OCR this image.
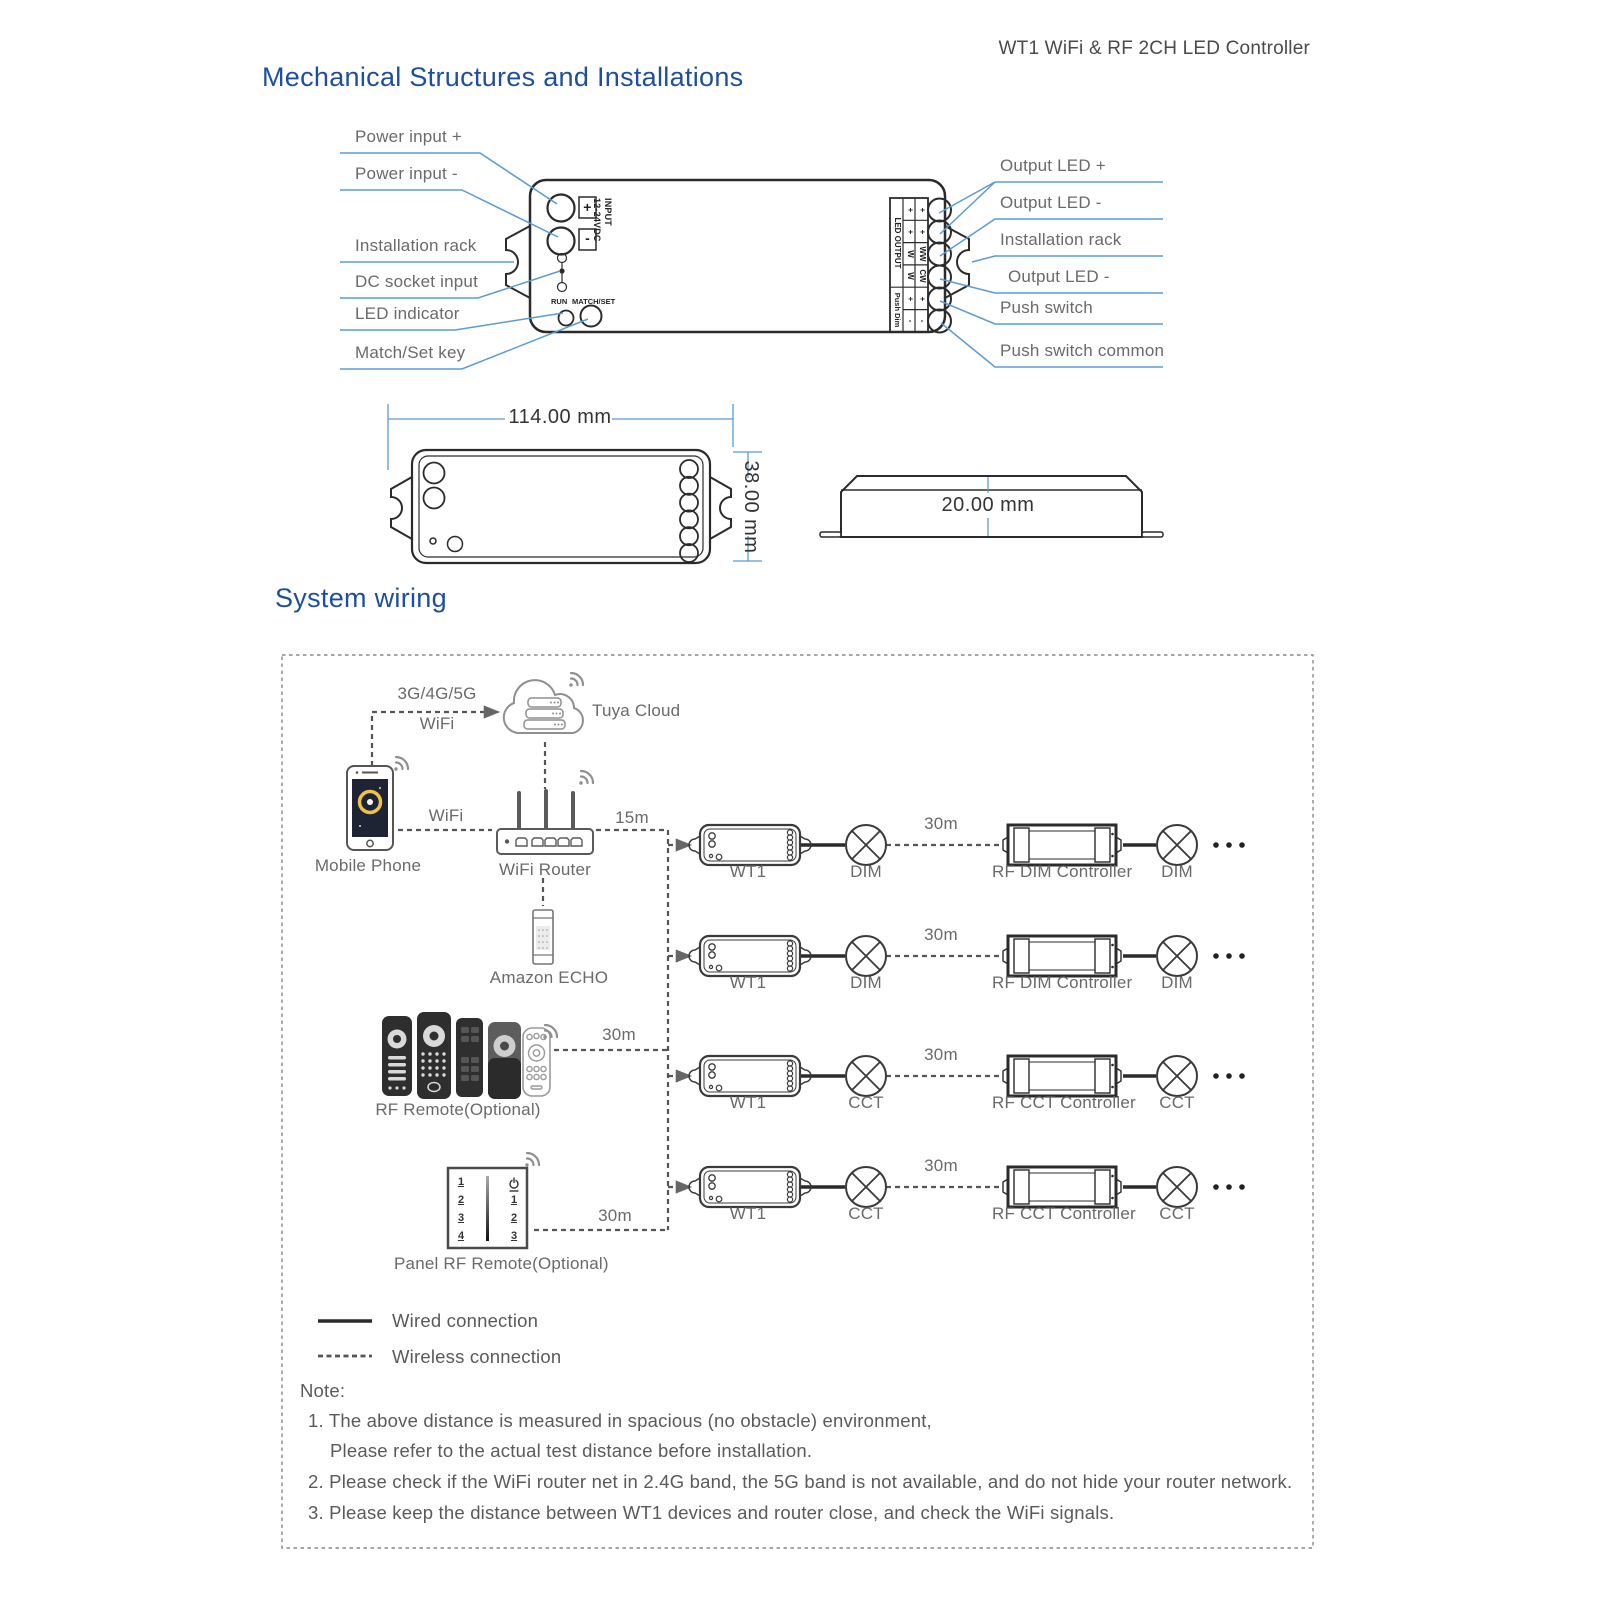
WT1 WiFi & RF 2CH LED Controller
Mechanical Structures and Installations
Power input +
Power input -
Installation rack
DC socket input
LED indicator
Match/Set key
Output LED +
Output LED -
Installation rack
Output LED -
Push switch
Push switch common
+
-
INPUT
12-24VDC
RUN MATCH/SET
LED OUTPUT
Push Dim
+ +
+ +
W WW
W CW
+ +
- -
114.00 mm
38.00 mm	20.00 mm
System wiring
3G/4G/5G
WiFi
Tuya Cloud
Mobile Phone
WiFi
WiFi Router
15m
Amazon ECHO
RF Remote(Optional)
30m
Panel RF Remote(Optional)
30m
1
2
3
4
1
2
3
WT1	DIM
30m
RF DIM Controller	DIM
WT1	DIM
30m
RF DIM Controller	DIM
WT1	CCT
30m
RF CCT Controller	CCT
WT1	CCT
30m
RF CCT Controller	CCT
Wired connection
Wireless connection
Note:
1. The above distance is measured in spacious (no obstacle) environment,
Please refer to the actual test distance before installation.
2. Please check if the WiFi router net in 2.4G band, the 5G band is not available, and do not hide your router network.
3. Please keep the distance between WT1 devices and router close, and check the WiFi signals.
